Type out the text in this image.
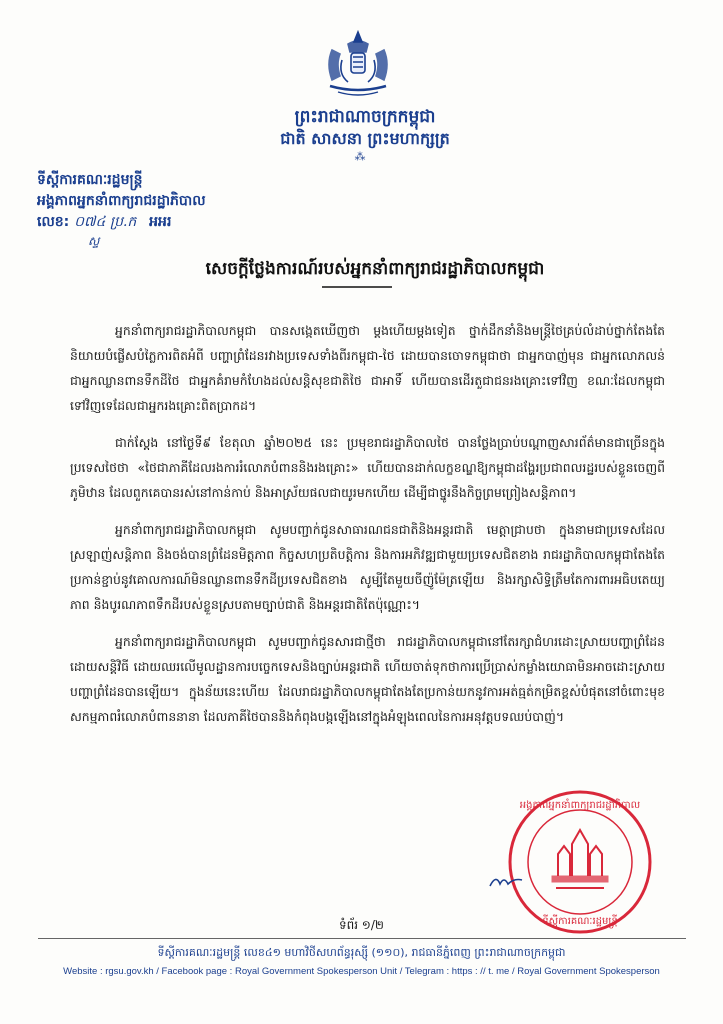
ព្រះរាជាណាចក្រកម្ពុជា
ជាតិ សាសនា ព្រះមហាក្សត្រ
⁂
ទីស្ដីការគណៈរដ្ឋមន្ត្រី
អង្គភាពអ្នកនាំពាក្យរាជរដ្ឋាភិបាល
លេខ: ០៧៤ ប្រ.ក អអរ
ស្ទ
សេចក្ដីថ្លែងការណ៍របស់អ្នកនាំពាក្យរាជរដ្ឋាភិបាលកម្ពុជា

អ្នកនាំពាក្យរាជរដ្ឋាភិបាលកម្ពុជា បានសង្កេតឃើញថា ម្ដងហើយម្ដងទៀត ថ្នាក់ដឹកនាំនិងមន្ត្រីថៃគ្រប់លំដាប់ថ្នាក់តែងតែនិយាយបំផ្លើសបំភ្លៃការពិតអំពី បញ្ហាព្រំដែនរវាងប្រទេសទាំងពីរកម្ពុជា-ថៃ ដោយបានចោទកម្ពុជាថា ជាអ្នកបាញ់មុន ជាអ្នកលោភលន់ ជាអ្នកឈ្លានពានទឹកដីថៃ ជាអ្នកគំរាមកំហែងដល់សន្តិសុខជាតិថៃ ជាអាទិ៍ ហើយបានដើរតួជាជនរងគ្រោះទៅវិញ ខណៈដែលកម្ពុជាទៅវិញទេដែលជាអ្នករងគ្រោះពិតប្រាកដ។

ជាក់ស្ដែង នៅថ្ងៃទី៩ ខែតុលា ឆ្នាំ២០២៥ នេះ ប្រមុខរាជរដ្ឋាភិបាលថៃ បានថ្លែងប្រាប់បណ្ដាញសារព័ត៌មានជាច្រើនក្នុងប្រទេសថៃថា «ថៃជាភាគីដែលរងការរំលោភបំពាននិងរងគ្រោះ» ហើយបានដាក់លក្ខខណ្ឌឱ្យកម្ពុជាដង្ហែរប្រជាពលរដ្ឋរបស់ខ្លួនចេញពីភូមិឋាន ដែលពួកគេបានរស់នៅកាន់កាប់ និងអាស្រ័យផលជាយូរមកហើយ ដើម្បីជាថ្នូរនឹងកិច្ចព្រមព្រៀងសន្តិភាព។

អ្នកនាំពាក្យរាជរដ្ឋាភិបាលកម្ពុជា សូមបញ្ជាក់ជូនសាធារណជនជាតិនិងអន្តរជាតិ មេត្តាជ្រាបថា ក្នុងនាមជាប្រទេសដែលស្រឡាញ់សន្តិភាព និងចង់បានព្រំដែនមិត្តភាព កិច្ចសហប្រតិបត្តិការ និងការអភិវឌ្ឍជាមួយប្រទេសជិតខាង រាជរដ្ឋាភិបាលកម្ពុជាតែងតែប្រកាន់ខ្ជាប់នូវគោលការណ៍មិនឈ្លានពានទឹកដីប្រទេសជិតខាង សូម្បីតែមួយចីញ៉ូម៉ែត្រឡើយ និងរក្សាសិទ្ធិត្រឹមតែការពារអធិបតេយ្យភាព និងបូរណភាពទឹកដីរបស់ខ្លួនស្របតាមច្បាប់ជាតិ និងអន្តរជាតិតែប៉ុណ្ណោះ។

អ្នកនាំពាក្យរាជរដ្ឋាភិបាលកម្ពុជា សូមបញ្ជាក់ជូនសារជាថ្មីថា រាជរដ្ឋាភិបាលកម្ពុជានៅតែរក្សាជំហរដោះស្រាយបញ្ហាព្រំដែនដោយសន្តិវិធី ដោយឈរលើមូលដ្ឋានការបច្ចេកទេសនិងច្បាប់អន្តរជាតិ ហើយចាត់ទុកថាការប្រើប្រាស់កម្លាំងយោធាមិនអាចដោះស្រាយបញ្ហាព្រំដែនបានឡើយ។ ក្នុងន័យនេះហើយ ដែលរាជរដ្ឋាភិបាលកម្ពុជាតែងតែប្រកាន់យកនូវការអត់ធ្មត់កម្រិតខ្ពស់បំផុតនៅចំពោះមុខសកម្មភាពរំលោភបំពាននានា ដែលភាគីថៃបាននិងកំពុងបង្កឡើងនៅក្នុងអំឡុងពេលនៃការអនុវត្តបទឈប់បាញ់។

អង្គភាពអ្នកនាំពាក្យរាជរដ្ឋាភិបាល
ទីស្ដីការគណៈរដ្ឋមន្ត្រី
ទំព័រ ១/២
ទីស្ដីការគណៈរដ្ឋមន្ត្រី លេខ៤១ មហាវិថីសហព័ន្ធរុស្ស៊ី (១១០), រាជធានីភ្នំពេញ ព្រះរាជាណាចក្រកម្ពុជា
Website : rgsu.gov.kh / Facebook page : Royal Government Spokesperson Unit / Telegram : https : // t. me / Royal Government Spokesperson
